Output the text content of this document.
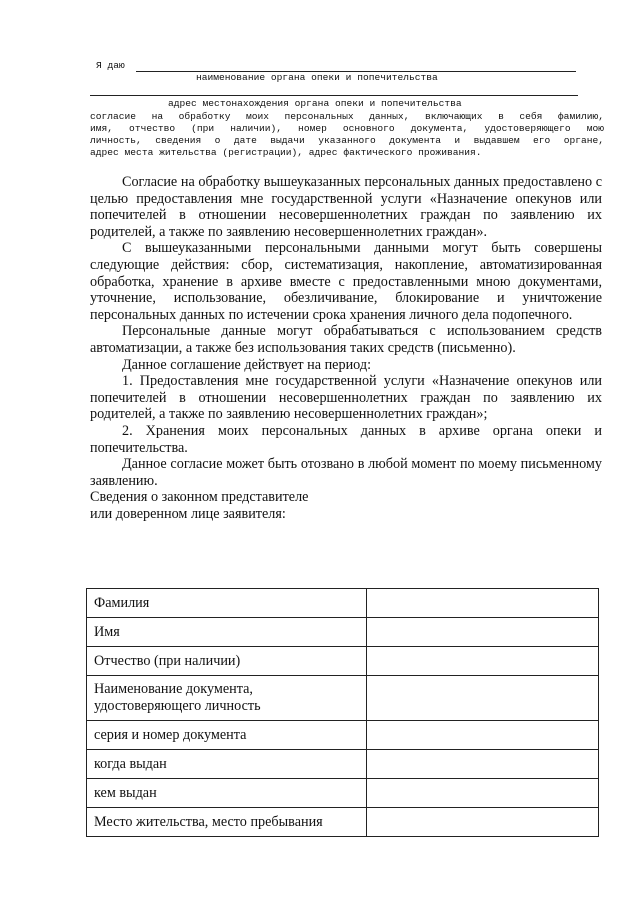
Я даю
наименование органа опеки и попечительства
адрес местонахождения органа опеки и попечительства
согласие на обработку моих персональных данных, включающих в себя фамилию,
имя, отчество (при наличии), номер основного документа, удостоверяющего мою
личность, сведения о дате выдачи указанного документа и выдавшем его органе,
адрес места жительства (регистрации), адрес фактического проживания.

Согласие на обработку вышеуказанных персональных данных предоставлено с целью предоставления мне государственной услуги «Назначение опекунов или попечителей в отношении несовершеннолетних граждан по заявлению их родителей, а также по заявлению несовершеннолетних граждан».

С вышеуказанными персональными данными могут быть совершены следующие действия: сбор, систематизация, накопление, автоматизированная обработка, хранение в архиве вместе с предоставленными мною документами, уточнение, использование, обезличивание, блокирование и уничтожение персональных данных по истечении срока хранения личного дела подопечного.

Персональные данные могут обрабатываться с использованием средств автоматизации, а также без использования таких средств (письменно).

Данное соглашение действует на период:

1. Предоставления мне государственной услуги «Назначение опекунов или попечителей в отношении несовершеннолетних граждан по заявлению их родителей, а также по заявлению несовершеннолетних граждан»;

2. Хранения моих персональных данных в архиве органа опеки и попечительства.

Данное согласие может быть отозвано в любой момент по моему письменному заявлению.

Сведения о законном представителе

или доверенном лице заявителя:

Фамилия	
Имя	
Отчество (при наличии)	

Наименование документа,
удостоверяющего личность	

серия и номер документа	
когда выдан	
кем выдан	
Место жительства, место пребывания	
